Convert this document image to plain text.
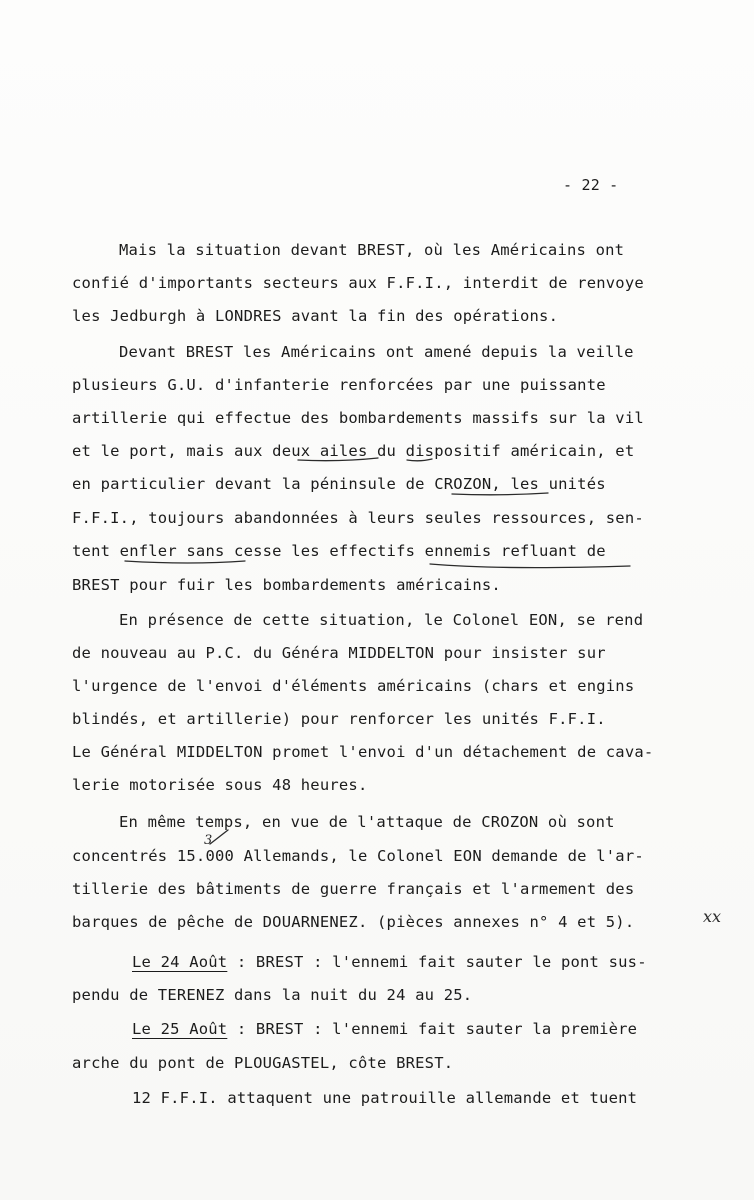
- 22 -
Mais la situation devant BREST, où les Américains ont
confié d'importants secteurs aux F.F.I., interdit de renvoye
les Jedburgh à LONDRES avant la fin des opérations.
Devant BREST les Américains ont amené depuis la veille
plusieurs G.U. d'infanterie renforcées par une puissante
artillerie qui effectue des bombardements massifs sur la vil
et le port, mais aux deux ailes du dispositif américain, et
en particulier devant la péninsule de CROZON, les unités
F.F.I., toujours abandonnées à leurs seules ressources, sen-
tent enfler sans cesse les effectifs ennemis refluant de
BREST pour fuir les bombardements américains.
En présence de cette situation, le Colonel EON, se rend
de nouveau au P.C. du Généra MIDDELTON pour insister sur
l'urgence de l'envoi d'éléments américains (chars et engins
blindés, et artillerie) pour renforcer les unités F.F.I.
Le Général MIDDELTON promet l'envoi d'un détachement de cava-
lerie motorisée sous 48 heures.
En même temps, en vue de l'attaque de CROZON où sont
concentrés 15.000 Allemands, le Colonel EON demande de l'ar-
tillerie des bâtiments de guerre français et l'armement des
barques de pêche de DOUARNENEZ. (pièces annexes n° 4 et 5).
Le 24 Août : BREST : l'ennemi fait sauter le pont sus-
pendu de TERENEZ dans la nuit du 24 au 25.
Le 25 Août : BREST : l'ennemi fait sauter la première
arche du pont de PLOUGASTEL, côte BREST.
12 F.F.I. attaquent une patrouille allemande et tuent
3
xx
